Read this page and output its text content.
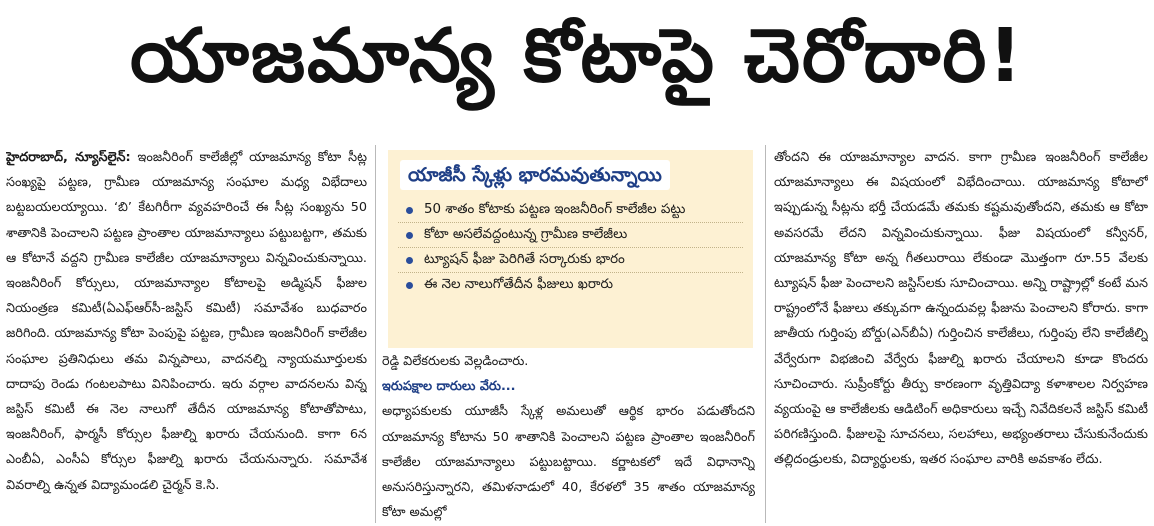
యాజమాన్య కోటాపై చెరోదారి!

హైదరాబాద్, న్యూస్‌లైన్: ఇంజనీరింగ్ కాలేజీల్లో యాజమాన్య కోటా సీట్ల సంఖ్యపై పట్టణ, గ్రామీణ యాజమాన్య సంఘాల మధ్య విభేదాలు బట్టబయలయ్యాయి. ‘బి’ కేటగిరీగా వ్యవహరించే ఈ సీట్ల సంఖ్యను 50 శాతానికి పెంచాలని పట్టణ ప్రాంతాల యాజమాన్యాలు పట్టుబట్టగా, తమకు ఆ కోటానే వద్దని గ్రామీణ కాలేజీల యాజమాన్యాలు విన్నవించుకున్నాయి. ఇంజనీరింగ్ కోర్సులు, యాజమాన్యాల కోటాలపై అడ్మిషన్ ఫీజుల నియంత్రణ కమిటీ(ఏఎఫ్‌ఆర్‌సీ-జస్టిస్ కమిటీ) సమావేశం బుధవారం జరిగింది. యాజమాన్య కోటా పెంపుపై పట్టణ, గ్రామీణ ఇంజనీరింగ్ కాలేజీల సంఘాల ప్రతినిధులు తమ విన్నపాలు, వాదనల్ని న్యాయమూర్తులకు దాదాపు రెండు గంటలపాటు వినిపించారు. ఇరు వర్గాల వాదనలను విన్న జస్టిస్ కమిటీ ఈ నెల నాలుగో తేదీన యాజమాన్య కోటాతోపాటు, ఇంజనీరింగ్, ఫార్మసీ కోర్సుల ఫీజుల్ని ఖరారు చేయనుంది. కాగా 6న ఎంబీఏ, ఎంసీఏ కోర్సుల ఫీజుల్ని ఖరారు చేయనున్నారు. సమావేశ వివరాల్ని ఉన్నత విద్యామండలి చైర్మన్ కె.సి.

యాజీసీ స్కేళ్లు భారమవుతున్నాయి
50 శాతం కోటాకు పట్టణ ఇంజనీరింగ్ కాలేజీల పట్టు
కోటా అసలేవద్దంటున్న గ్రామీణ కాలేజీలు
ట్యూషన్ ఫీజు పెరిగితే సర్కారుకు భారం
ఈ నెల నాలుగోతేదీన ఫీజులు ఖరారు

రెడ్డి విలేకరులకు వెల్లడించారు.

ఇరుపక్షాల దారులు వేరు...

అధ్యాపకులకు యూజీసీ స్కేళ్ల అమలుతో ఆర్థిక భారం పడుతోందని యాజమాన్య కోటాను 50 శాతానికి పెంచాలని పట్టణ ప్రాంతాల ఇంజనీరింగ్ కాలేజీల యాజమాన్యాలు పట్టుబట్టాయి. కర్ణాటకలో ఇదే విధానాన్ని అనుసరిస్తున్నారని, తమిళనాడులో 40, కేరళలో 35 శాతం యాజమాన్య కోటా అమల్లో

తోందని ఈ యాజమాన్యాల వాదన. కాగా గ్రామీణ ఇంజనీరింగ్ కాలేజీల యాజమాన్యాలు ఈ విషయంలో విభేదించాయి. యాజమాన్య కోటాలో ఇప్పుడున్న సీట్లను భర్తీ చేయడమే తమకు కష్టమవుతోందని, తమకు ఆ కోటా అవసరమే లేదని విన్నవించుకున్నాయి. ఫీజు విషయంలో కన్వీనర్, యాజమాన్య కోటా అన్న గీతలురాయి లేకుండా మొత్తంగా రూ.55 వేలకు ట్యూషన్ ఫీజు పెంచాలని జస్టిస్‌లకు సూచించాయి. అన్ని రాష్ట్రాల్లో కంటే మన రాష్ట్రంలోనే ఫీజులు తక్కువగా ఉన్నందువల్ల ఫీజును పెంచాలని కోరారు. కాగా జాతీయ గుర్తింపు బోర్డు(ఎన్‌బీఏ) గుర్తించిన కాలేజీలు, గుర్తింపు లేని కాలేజీల్ని వేర్వేరుగా విభజించి వేర్వేరు ఫీజుల్ని ఖరారు చేయాలని కూడా కొందరు సూచించారు. సుప్రీంకోర్టు తీర్పు కారణంగా వృత్తివిద్యా కళాశాలల నిర్వహణ వ్యయంపై ఆ కాలేజీలకు ఆడిటింగ్ అధికారులు ఇచ్చే నివేదికలనే జస్టిస్ కమిటీ పరిగణిస్తుంది. ఫీజులపై సూచనలు, సలహాలు, అభ్యంతరాలు చేసుకునేందుకు తల్లిదండ్రులకు, విద్యార్థులకు, ఇతర సంఘాల వారికి అవకాశం లేదు.
